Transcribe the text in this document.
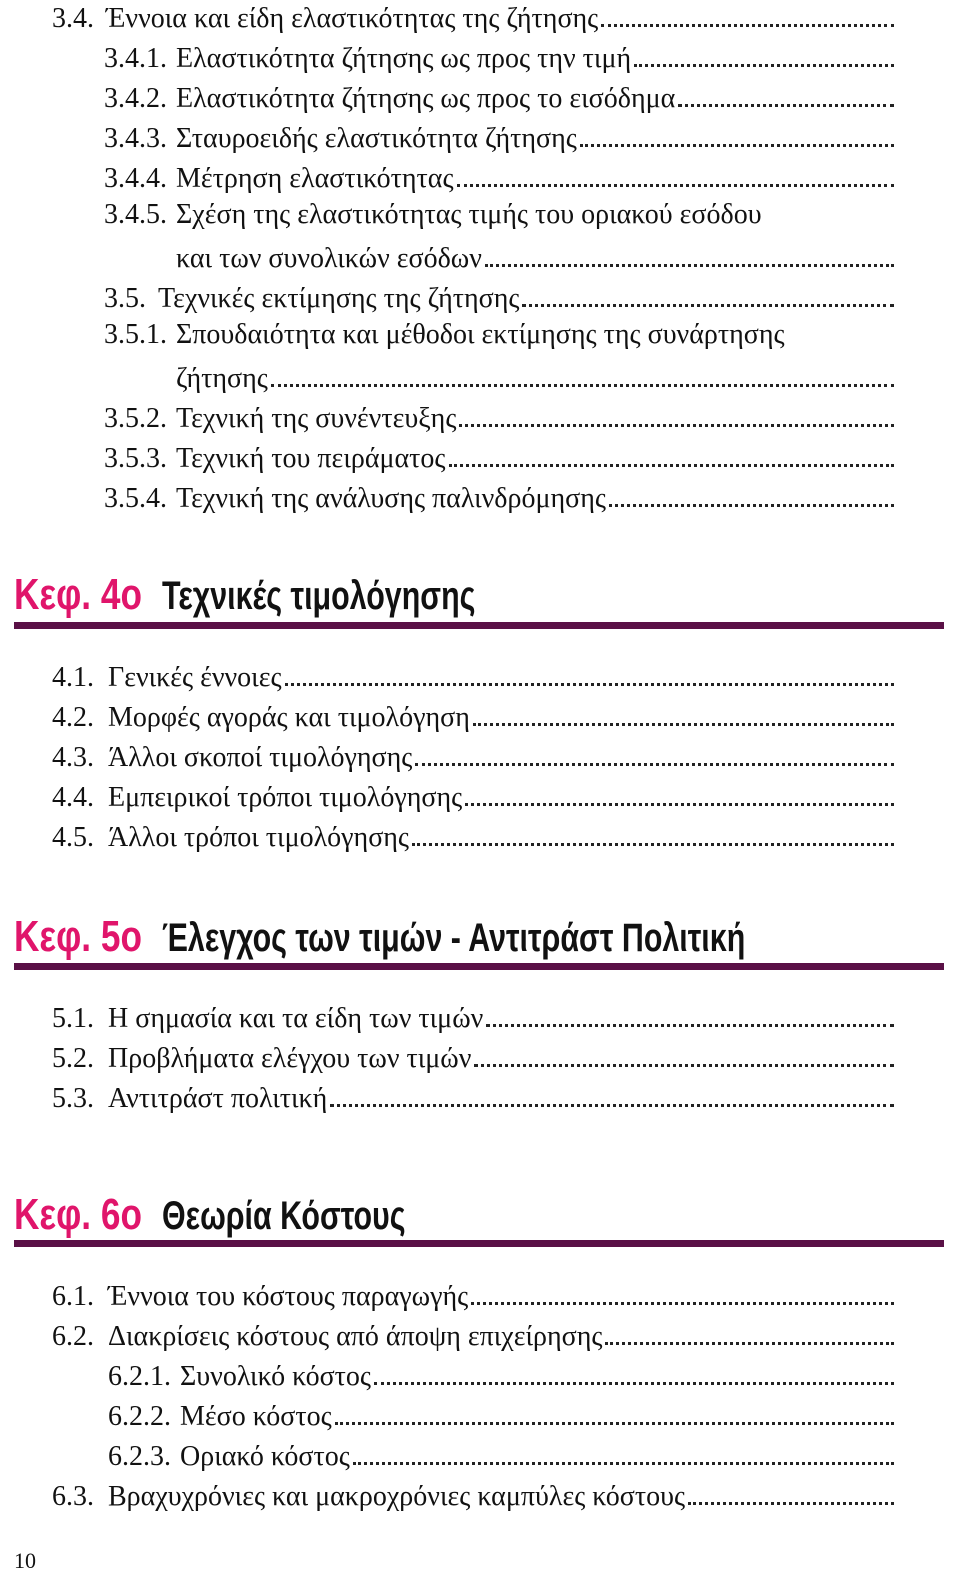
3.4. Έννοια και είδη ελαστικότητας της ζήτησης
3.4.1. Ελαστικότητα ζήτησης ως προς την τιμή
3.4.2. Ελαστικότητα ζήτησης ως προς το εισόδημα
3.4.3. Σταυροειδής ελαστικότητα ζήτησης
3.4.4. Μέτρηση ελαστικότητας
3.4.5. Σχέση της ελαστικότητας τιμής του οριακού εσόδου
και των συνολικών εσόδων
3.5. Τεχνικές εκτίμησης της ζήτησης
3.5.1. Σπουδαιότητα και μέθοδοι εκτίμησης της συνάρτησης
ζήτησης
3.5.2. Τεχνική της συνέντευξης
3.5.3. Τεχνική του πειράματος
3.5.4. Τεχνική της ανάλυσης παλινδρόμησης
Κεφ. 4ο Τεχνικές τιμολόγησης
4.1. Γενικές έννοιες
4.2. Μορφές αγοράς και τιμολόγηση
4.3. Άλλοι σκοποί τιμολόγησης
4.4. Εμπειρικοί τρόποι τιμολόγησης
4.5. Άλλοι τρόποι τιμολόγησης
Κεφ. 5ο Έλεγχος των τιμών - Αντιτράστ Πολιτική
5.1. Η σημασία και τα είδη των τιμών
5.2. Προβλήματα ελέγχου των τιμών
5.3. Αντιτράστ πολιτική
Κεφ. 6ο Θεωρία Κόστους
6.1. Έννοια του κόστους παραγωγής
6.2. Διακρίσεις κόστους από άποψη επιχείρησης
6.2.1. Συνολικό κόστος
6.2.2. Μέσο κόστος
6.2.3. Οριακό κόστος
6.3. Βραχυχρόνιες και μακροχρόνιες καμπύλες κόστους
10
